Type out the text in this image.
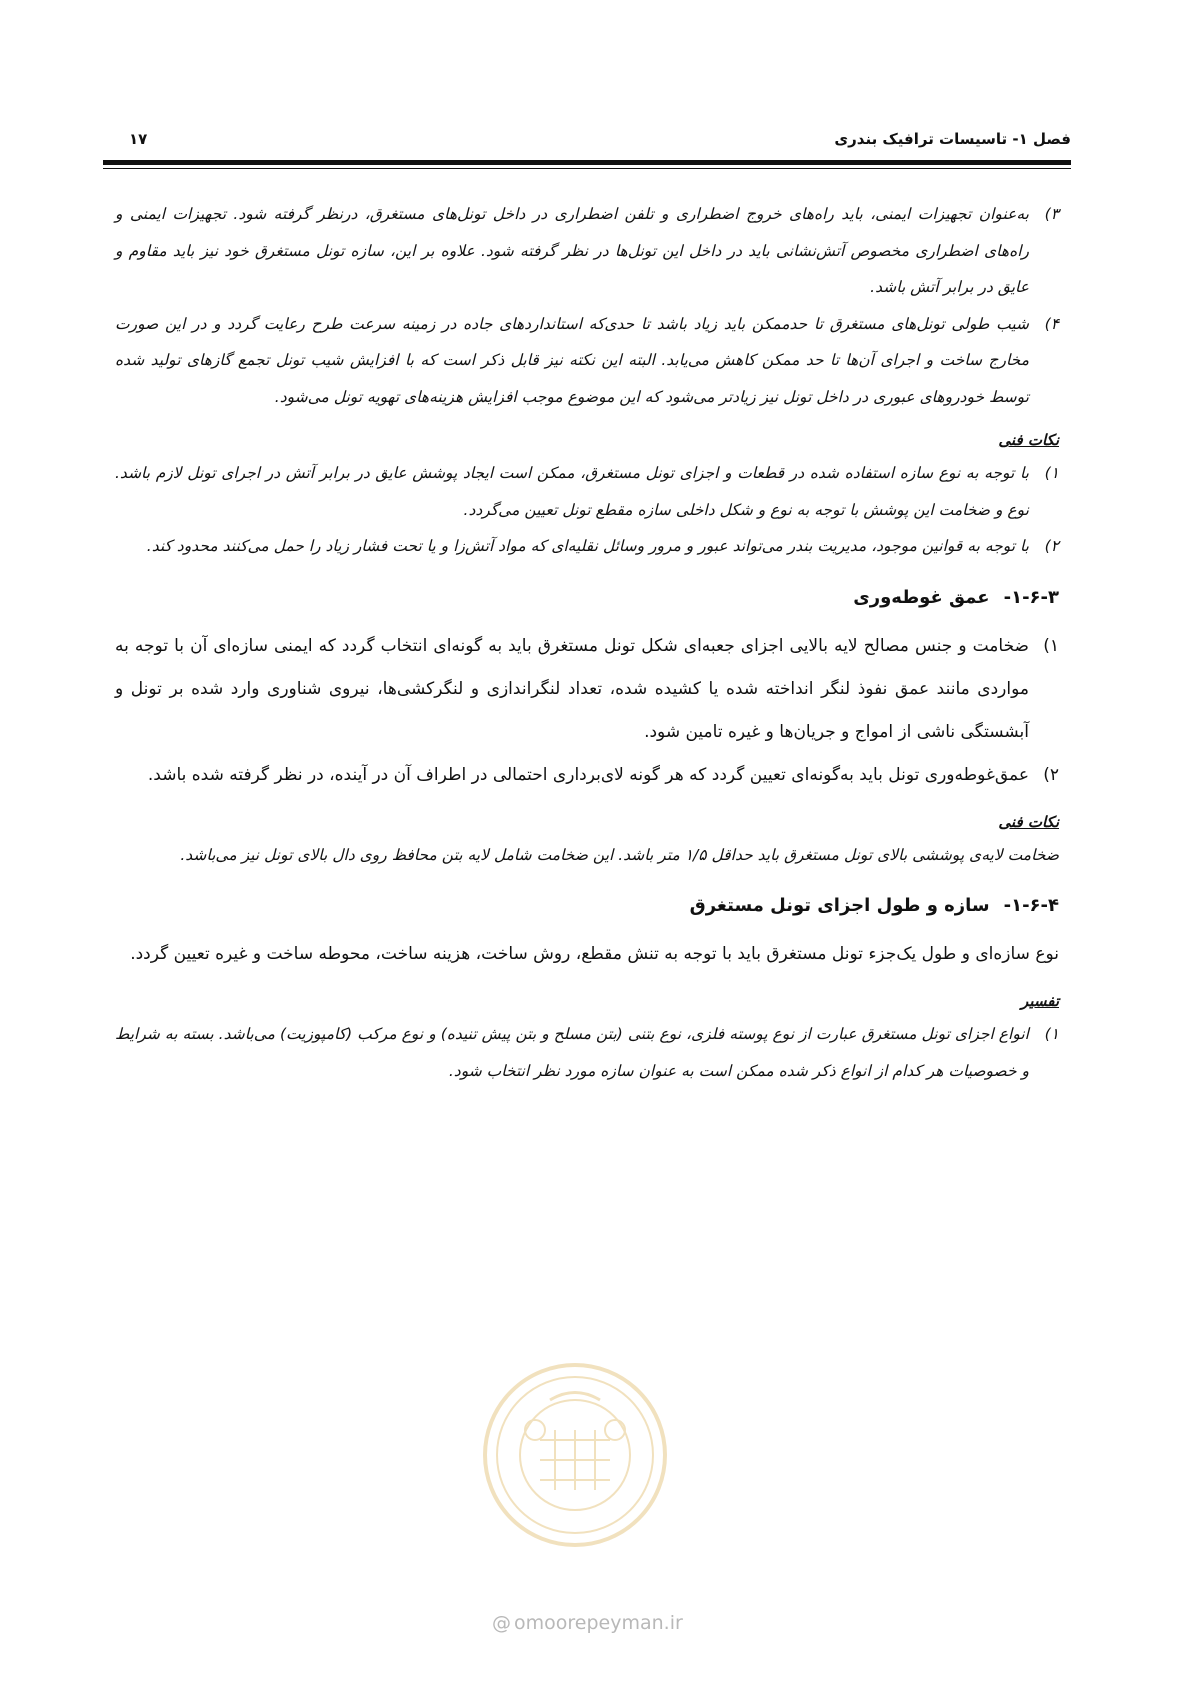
فصل ۱- تاسیسات ترافیک بندری
۱۷
۳)

به‌عنوان تجهیزات ایمنی، باید راه‌های خروج اضطراری و تلفن اضطراری در داخل تونل‌های مستغرق، درنظر گرفته شود. تجهیزات ایمنی و راه‌های اضطراری مخصوص آتش‌نشانی باید در داخل این تونل‌ها در نظر گرفته شود. علاوه بر این، سازه تونل مستغرق خود نیز باید مقاوم و عایق در برابر آتش باشد.

۴)

شیب طولی تونل‌های مستغرق تا حدممکن باید زیاد باشد تا حدی‌که استانداردهای جاده در زمینه سرعت طرح رعایت گردد و در این صورت مخارج ساخت و اجرای آن‌ها تا حد ممکن کاهش می‌یابد. البته این نکته نیز قابل ذکر است که با افزایش شیب تونل تجمع گازهای تولید شده توسط خودروهای عبوری در داخل تونل نیز زیادتر می‌شود که این موضوع موجب افزایش هزینه‌های تهویه تونل می‌شود.

نکات فنی

۱)

با توجه به نوع سازه استفاده شده در قطعات و اجزای تونل مستغرق، ممکن است ایجاد پوشش عایق در برابر آتش در اجرای تونل لازم باشد. نوع و ضخامت این پوشش با توجه به نوع و شکل داخلی سازه مقطع تونل تعیین می‌گردد.

۲)

با توجه به قوانین موجود، مدیریت بندر می‌تواند عبور و مرور وسائل نقلیه‌ای که مواد آتش‌زا و یا تحت فشار زیاد را حمل می‌کنند محدود کند.

۱-۶-۳-عمق غوطه‌وری

۱)

ضخامت و جنس مصالح لایه بالایی اجزای جعبه‌ای شکل تونل مستغرق باید به گونه‌ای انتخاب گردد که ایمنی سازه‌ای آن با توجه به مواردی مانند عمق نفوذ لنگر انداخته شده یا کشیده شده، تعداد لنگراندازی و لنگرکشی‌ها، نیروی شناوری وارد شده بر تونل و آبشستگی ناشی از امواج و جریان‌ها و غیره تامین شود.

۲)

عمق‌غوطه‌وری تونل باید به‌گونه‌ای تعیین گردد که هر گونه لای‌برداری احتمالی در اطراف آن در آینده، در نظر گرفته شده باشد.

نکات فنی

ضخامت لایه‌ی پوششی بالای تونل مستغرق باید حداقل ۱/۵ متر باشد. این ضخامت شامل لایه بتن محافظ روی دال بالای تونل نیز می‌باشد.

۱-۶-۴-سازه و طول اجزای تونل مستغرق

نوع سازه‌ای و طول یک‌جزء تونل مستغرق باید با توجه به تنش مقطع، روش ساخت، هزینه ساخت، محوطه ساخت و غیره تعیین گردد.

تفسیر

۱)

انواع اجزای تونل مستغرق عبارت از نوع پوسته فلزی، نوع بتنی (بتن مسلح و بتن پیش تنیده) و نوع مرکب (کامپوزیت) می‌باشد. بسته به شرایط و خصوصیات هر کدام از انواع ذکر شده ممکن است به عنوان سازه مورد نظر انتخاب شود.

@ omoorepeyman.ir
